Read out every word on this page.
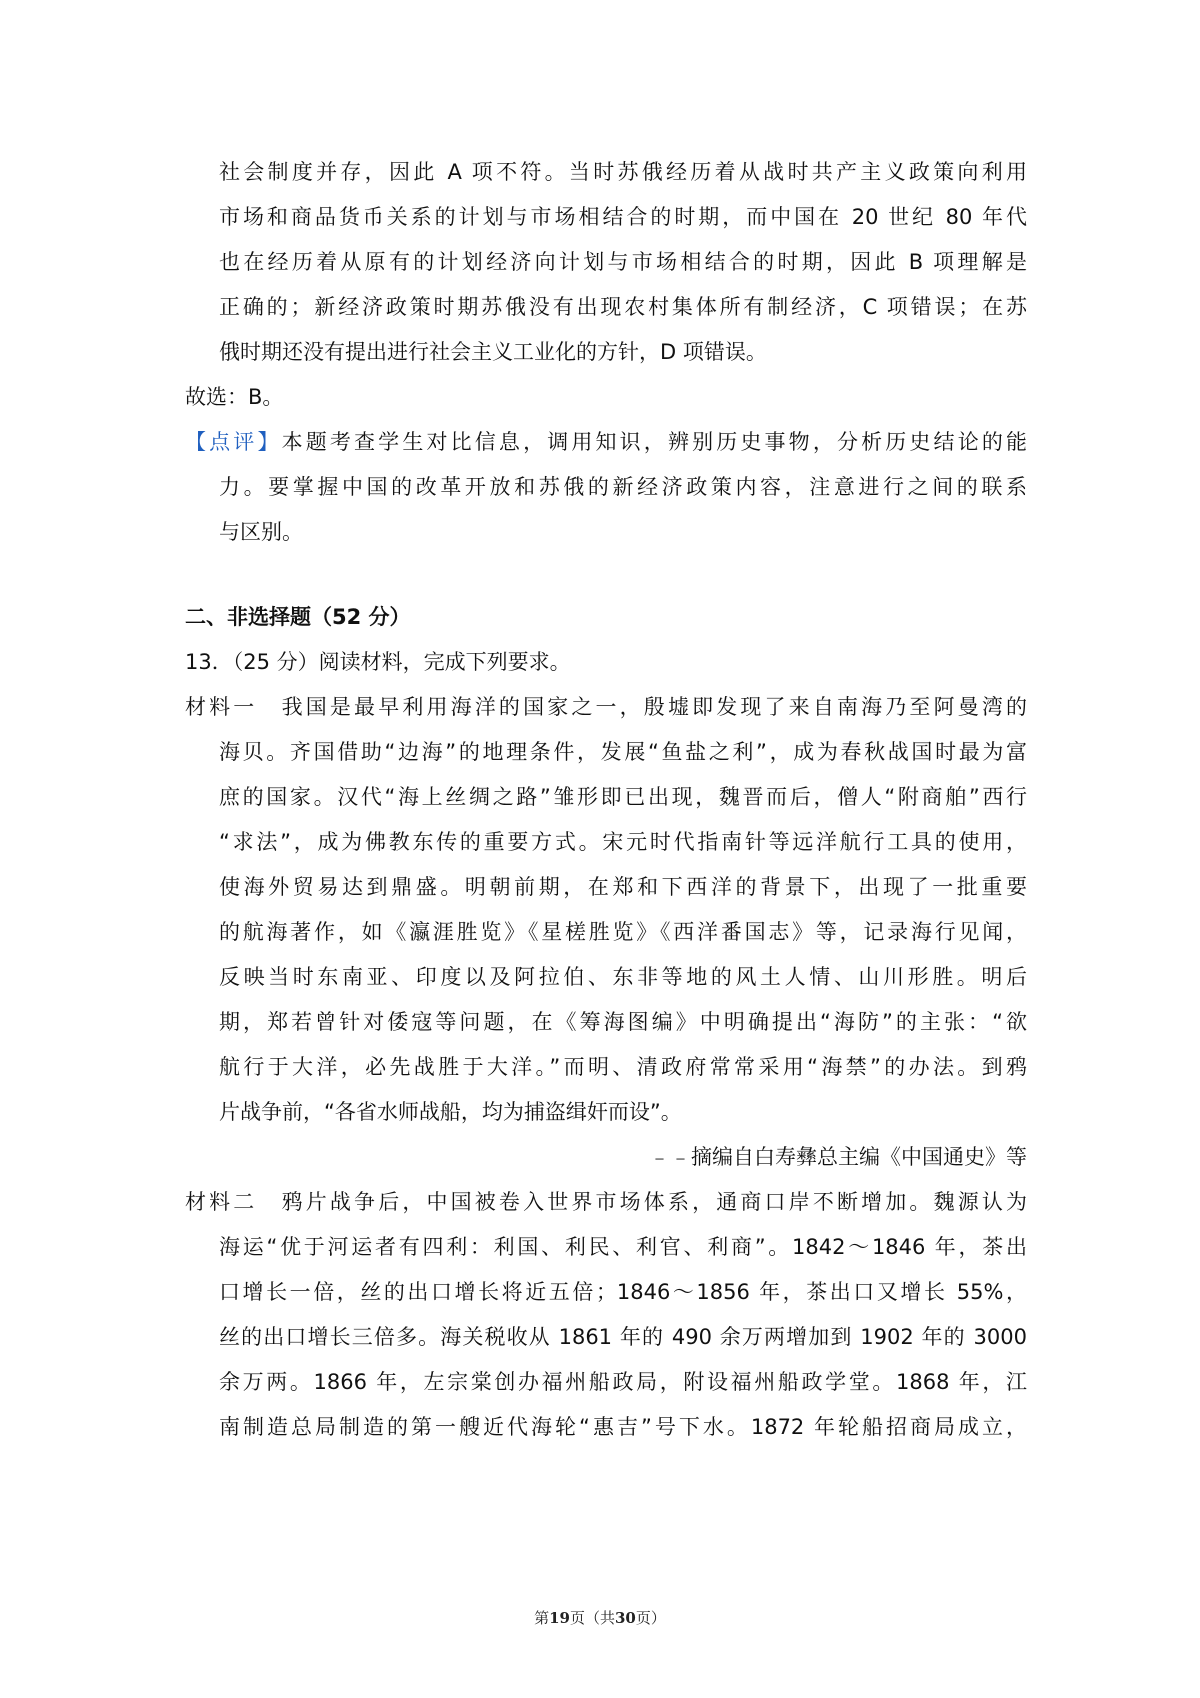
社会制度并存，因此 A 项不符。当时苏俄经历着从战时共产主义政策向利用
市场和商品货币关系的计划与市场相结合的时期，而中国在 20 世纪 80 年代
也在经历着从原有的计划经济向计划与市场相结合的时期，因此 B 项理解是
正确的；新经济政策时期苏俄没有出现农村集体所有制经济，C 项错误；在苏
俄时期还没有提出进行社会主义工业化的方针，D 项错误。
故选：B。
【点评】本题考查学生对比信息，调用知识，辨别历史事物，分析历史结论的能
力。要掌握中国的改革开放和苏俄的新经济政策内容，注意进行之间的联系
与区别。
二、非选择题（52 分）
13．（25 分）阅读材料，完成下列要求。
材料一  我国是最早利用海洋的国家之一，殷墟即发现了来自南海乃至阿曼湾的
海贝。齐国借助“边海”的地理条件，发展“鱼盐之利”，成为春秋战国时最为富
庶的国家。汉代“海上丝绸之路”雏形即已出现，魏晋而后，僧人“附商舶”西行
“求法”，成为佛教东传的重要方式。宋元时代指南针等远洋航行工具的使用，
使海外贸易达到鼎盛。明朝前期，在郑和下西洋的背景下，出现了一批重要
的航海著作，如《瀛涯胜览》《星槎胜览》《西洋番国志》等，记录海行见闻，
反映当时东南亚、印度以及阿拉伯、东非等地的风土人情、山川形胜。明后
期，郑若曾针对倭寇等问题，在《筹海图编》中明确提出“海防”的主张：“欲
航行于大洋，必先战胜于大洋。”而明、清政府常常采用“海禁”的办法。到鸦
片战争前，“各省水师战船，均为捕盗缉奸而设”。
﹣﹣摘编自白寿彝总主编《中国通史》等
材料二  鸦片战争后，中国被卷入世界市场体系，通商口岸不断增加。魏源认为
海运“优于河运者有四利：利国、利民、利官、利商”。1842～1846 年，茶出
口增长一倍，丝的出口增长将近五倍；1846～1856 年，茶出口又增长 55%，
丝的出口增长三倍多。海关税收从 1861 年的 490 余万两增加到 1902 年的 3000
余万两。1866 年，左宗棠创办福州船政局，附设福州船政学堂。1868 年，江
南制造总局制造的第一艘近代海轮“惠吉”号下水。1872 年轮船招商局成立，
第19页（共30页）
